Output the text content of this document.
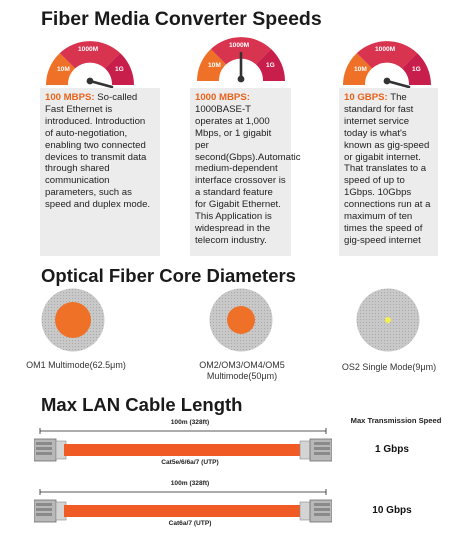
Fiber Media Converter Speeds
10M
1000M
1G
10M
1000M
1G
10M
1000M
1G
100 MBPS: So-called Fast Ethernet is introduced. Introduction of auto-negotiation, enabling two connected devices to transmit data through shared communication parameters, such as speed and duplex mode.
1000 MBPS: 1000BASE-T operates at 1,000 Mbps, or 1 gigabit per second(Gbps).Automatic medium-dependent interface crossover is a standard feature for Gigabit Ethernet. This Application is widespread in the telecom industry.
10 GBPS: The standard for fast internet service today is what's known as gig-speed or gigabit internet. That translates to a speed of up to 1Gbps. 10Gbps connections run at a maximum of ten times the speed of gig-speed internet
Optical Fiber Core Diameters
OM1 Multimode(62.5μm)	OM2/OM3/OM4/OM5 Multimode(50μm)
OS2 Single Mode(9μm)
Max LAN Cable Length
Max Transmission Speed
100m (328ft)
Cat5e/6/6a/7 (UTP)
1 Gbps
100m (328ft)
Cat6a/7 (UTP)
10 Gbps
